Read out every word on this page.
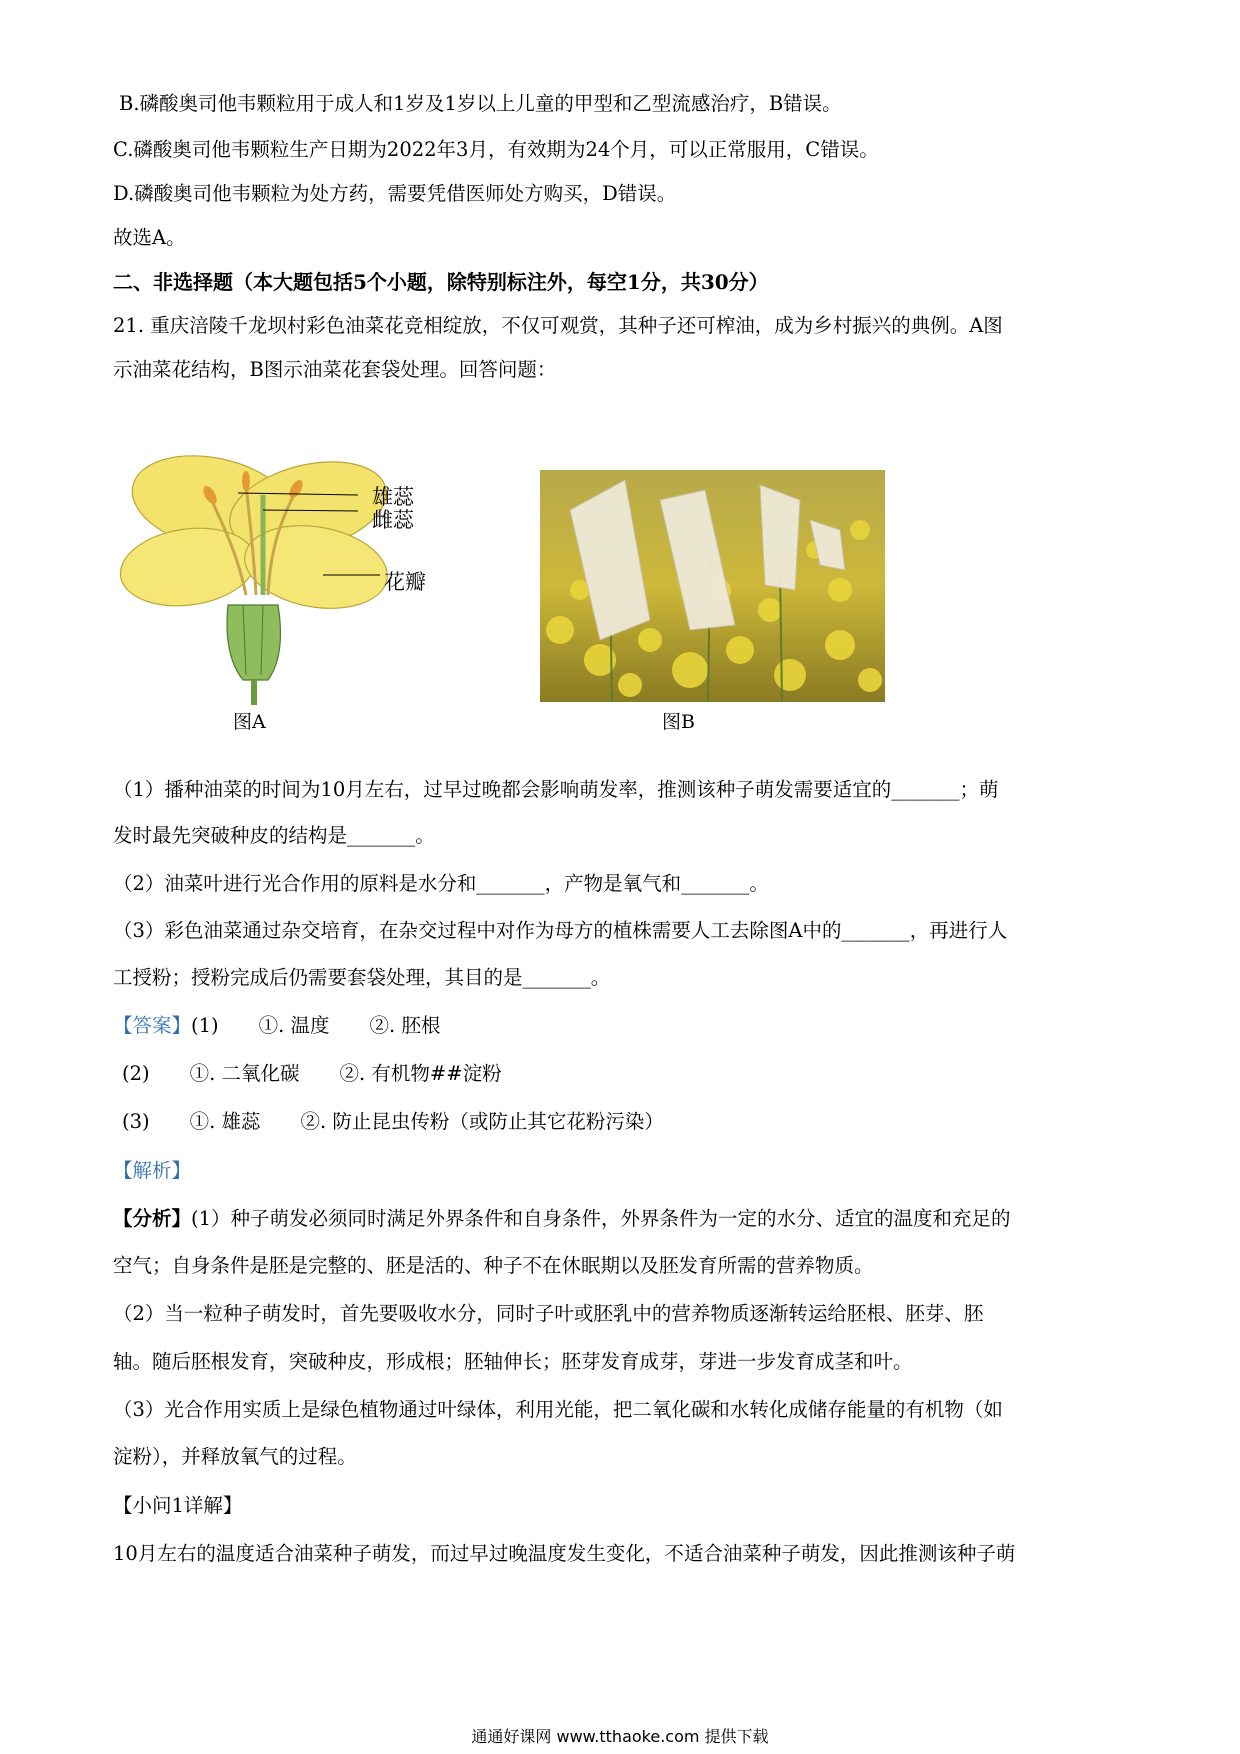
B.磷酸奥司他韦颗粒用于成人和1岁及1岁以上儿童的甲型和乙型流感治疗，B错误。
C.磷酸奥司他韦颗粒生产日期为2022年3月，有效期为24个月，可以正常服用，C错误。
D.磷酸奥司他韦颗粒为处方药，需要凭借医师处方购买，D错误。
故选A。
二、非选择题（本大题包括5个小题，除特别标注外，每空1分，共30分）
21. 重庆涪陵千龙坝村彩色油菜花竞相绽放，不仅可观赏，其种子还可榨油，成为乡村振兴的典例。A图
示油菜花结构，B图示油菜花套袋处理。回答问题：
雄蕊
雌蕊
花瓣
图A	图B
（1）播种油菜的时间为10月左右，过早过晚都会影响萌发率，推测该种子萌发需要适宜的_______；萌
发时最先突破种皮的结构是_______。
（2）油菜叶进行光合作用的原料是水分和_______，产物是氧气和_______。
（3）彩色油菜通过杂交培育，在杂交过程中对作为母方的植株需要人工去除图A中的_______，再进行人
工授粉；授粉完成后仍需要套袋处理，其目的是_______。
【答案】(1) ①. 温度 ②. 胚根
(2) ①. 二氧化碳 ②. 有机物##淀粉
(3) ①. 雄蕊 ②. 防止昆虫传粉（或防止其它花粉污染）
【解析】
【分析】(1）种子萌发必须同时满足外界条件和自身条件，外界条件为一定的水分、适宜的温度和充足的
空气；自身条件是胚是完整的、胚是活的、种子不在休眠期以及胚发育所需的营养物质。
（2）当一粒种子萌发时，首先要吸收水分，同时子叶或胚乳中的营养物质逐渐转运给胚根、胚芽、胚
轴。随后胚根发育，突破种皮，形成根；胚轴伸长；胚芽发育成芽，芽进一步发育成茎和叶。
（3）光合作用实质上是绿色植物通过叶绿体，利用光能，把二氧化碳和水转化成储存能量的有机物（如
淀粉），并释放氧气的过程。
【小问1详解】
10月左右的温度适合油菜种子萌发，而过早过晚温度发生变化，不适合油菜种子萌发，因此推测该种子萌
通通好课网 www.tthaoke.com 提供下载
